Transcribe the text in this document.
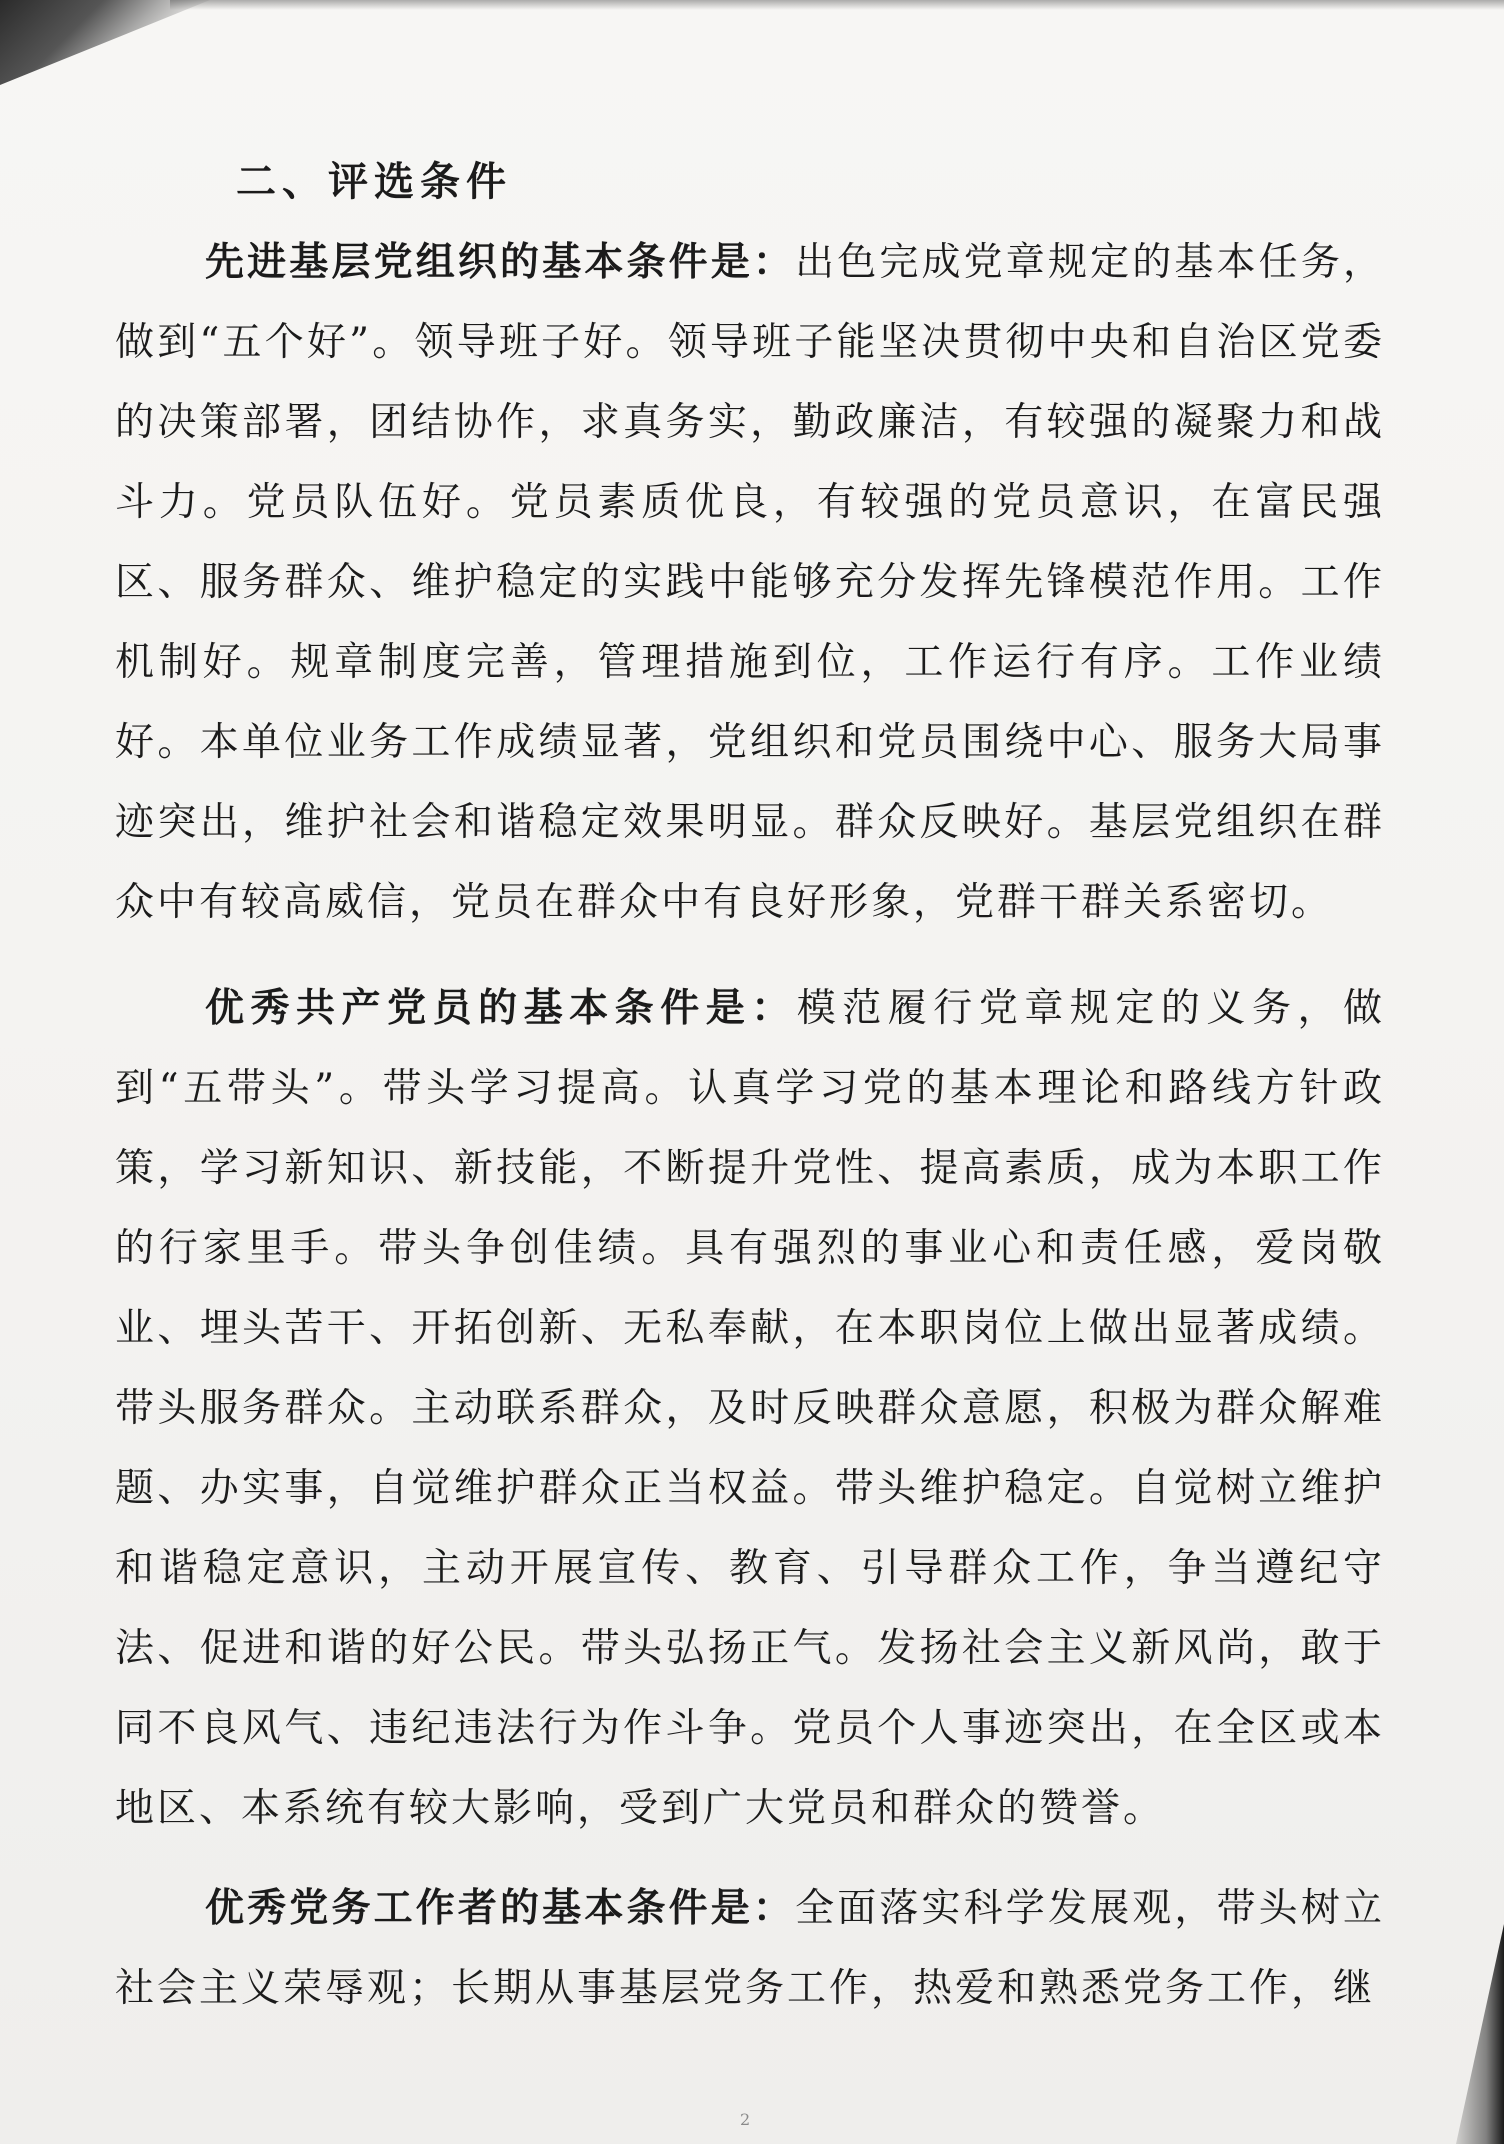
二、评选条件

先进基层党组织的基本条件是：出色完成党章规定的基本任务，做到“五个好”。领导班子好。领导班子能坚决贯彻中央和自治区党委的决策部署，团结协作，求真务实，勤政廉洁，有较强的凝聚力和战斗力。党员队伍好。党员素质优良，有较强的党员意识，在富民强区、服务群众、维护稳定的实践中能够充分发挥先锋模范作用。工作机制好。规章制度完善，管理措施到位，工作运行有序。工作业绩好。本单位业务工作成绩显著，党组织和党员围绕中心、服务大局事迹突出，维护社会和谐稳定效果明显。群众反映好。基层党组织在群众中有较高威信，党员在群众中有良好形象，党群干群关系密切。

优秀共产党员的基本条件是：模范履行党章规定的义务，做到“五带头”。带头学习提高。认真学习党的基本理论和路线方针政策，学习新知识、新技能，不断提升党性、提高素质，成为本职工作的行家里手。带头争创佳绩。具有强烈的事业心和责任感，爱岗敬业、埋头苦干、开拓创新、无私奉献，在本职岗位上做出显著成绩。带头服务群众。主动联系群众，及时反映群众意愿，积极为群众解难题、办实事，自觉维护群众正当权益。带头维护稳定。自觉树立维护和谐稳定意识，主动开展宣传、教育、引导群众工作，争当遵纪守法、促进和谐的好公民。带头弘扬正气。发扬社会主义新风尚，敢于同不良风气、违纪违法行为作斗争。党员个人事迹突出，在全区或本地区、本系统有较大影响，受到广大党员和群众的赞誉。

优秀党务工作者的基本条件是：全面落实科学发展观，带头树立社会主义荣辱观；长期从事基层党务工作，热爱和熟悉党务工作，继

2
